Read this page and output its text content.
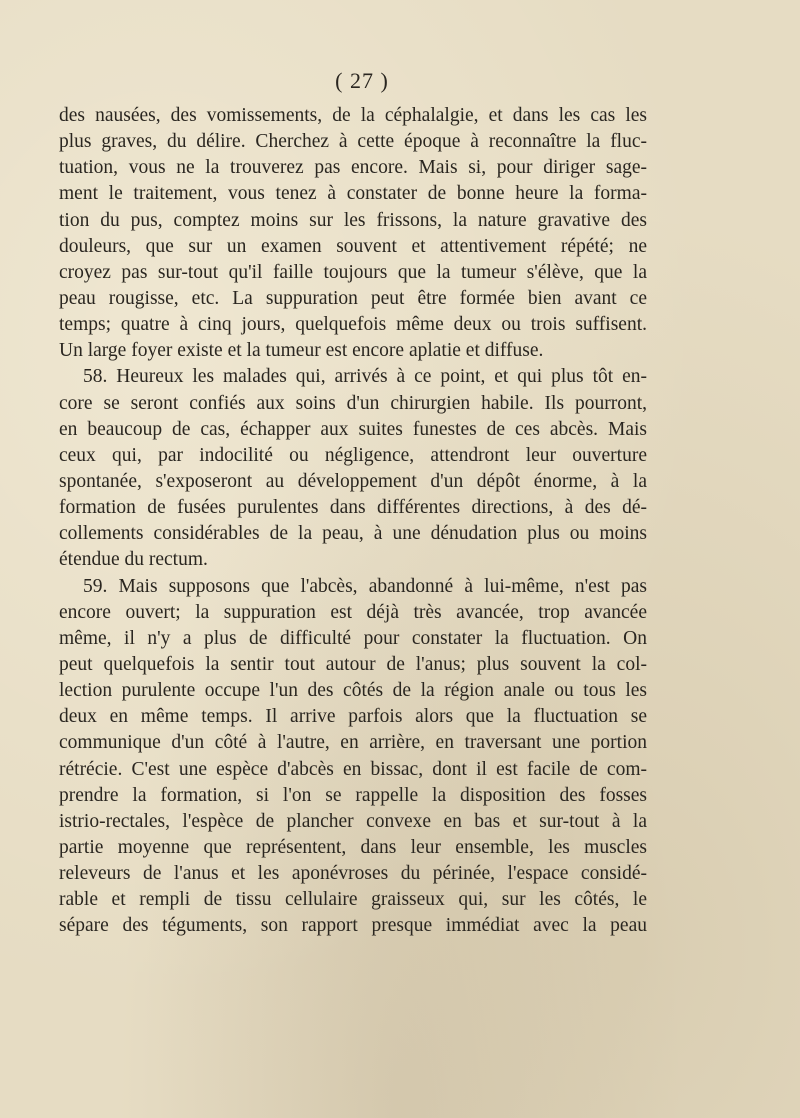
( 27 )
des nausées, des vomissements, de la céphalalgie, et dans les cas les
plus graves, du délire. Cherchez à cette époque à reconnaître la fluc-
tuation, vous ne la trouverez pas encore. Mais si, pour diriger sage-
ment le traitement, vous tenez à constater de bonne heure la forma-
tion du pus, comptez moins sur les frissons, la nature gravative des
douleurs, que sur un examen souvent et attentivement répété; ne
croyez pas sur-tout qu'il faille toujours que la tumeur s'élève, que la
peau rougisse, etc. La suppuration peut être formée bien avant ce
temps; quatre à cinq jours, quelquefois même deux ou trois suffisent.
Un large foyer existe et la tumeur est encore aplatie et diffuse.
58. Heureux les malades qui, arrivés à ce point, et qui plus tôt en-
core se seront confiés aux soins d'un chirurgien habile. Ils pourront,
en beaucoup de cas, échapper aux suites funestes de ces abcès. Mais
ceux qui, par indocilité ou négligence, attendront leur ouverture
spontanée, s'exposeront au développement d'un dépôt énorme, à la
formation de fusées purulentes dans différentes directions, à des dé-
collements considérables de la peau, à une dénudation plus ou moins
étendue du rectum.
59. Mais supposons que l'abcès, abandonné à lui-même, n'est pas
encore ouvert; la suppuration est déjà très avancée, trop avancée
même, il n'y a plus de difficulté pour constater la fluctuation. On
peut quelquefois la sentir tout autour de l'anus; plus souvent la col-
lection purulente occupe l'un des côtés de la région anale ou tous les
deux en même temps. Il arrive parfois alors que la fluctuation se
communique d'un côté à l'autre, en arrière, en traversant une portion
rétrécie. C'est une espèce d'abcès en bissac, dont il est facile de com-
prendre la formation, si l'on se rappelle la disposition des fosses
istrio-rectales, l'espèce de plancher convexe en bas et sur-tout à la
partie moyenne que représentent, dans leur ensemble, les muscles
releveurs de l'anus et les aponévroses du périnée, l'espace considé-
rable et rempli de tissu cellulaire graisseux qui, sur les côtés, le
sépare des téguments, son rapport presque immédiat avec la peau
